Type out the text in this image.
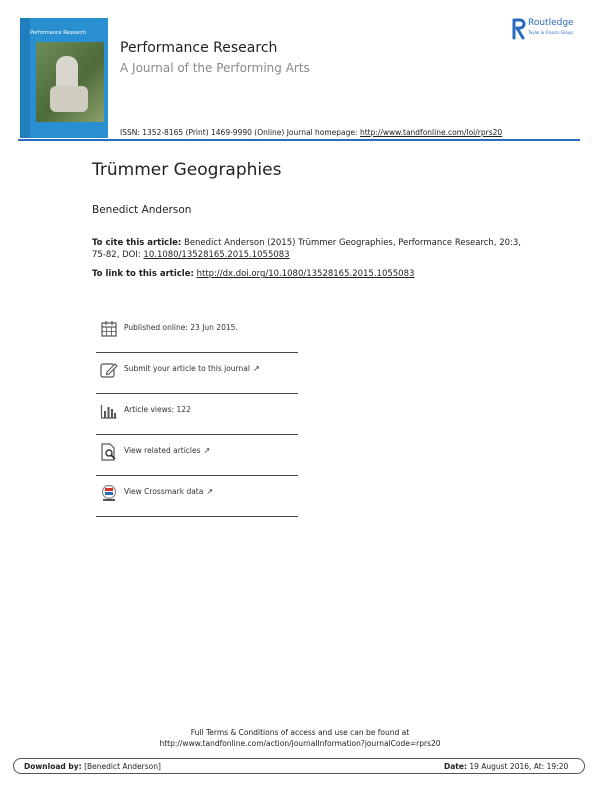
Performance Research
Performance Research
A Journal of the Performing Arts
ISSN: 1352-8165 (Print) 1469-9990 (Online) Journal homepage: http://www.tandfonline.com/loi/rprs20
Routledge
Taylor & Francis Group
Trümmer Geographies
Benedict Anderson
To cite this article: Benedict Anderson (2015) Trümmer Geographies, Performance Research, 20:3, 75-82, DOI: 10.1080/13528165.2015.1055083
To link to this article: http://dx.doi.org/10.1080/13528165.2015.1055083
Published online: 23 Jun 2015.
Submit your article to this journal ↗
Article views: 122
View related articles ↗
View Crossmark data ↗
Full Terms & Conditions of access and use can be found at
http://www.tandfonline.com/action/journalInformation?journalCode=rprs20
Download by: [Benedict Anderson]	Date: 19 August 2016, At: 19:20
